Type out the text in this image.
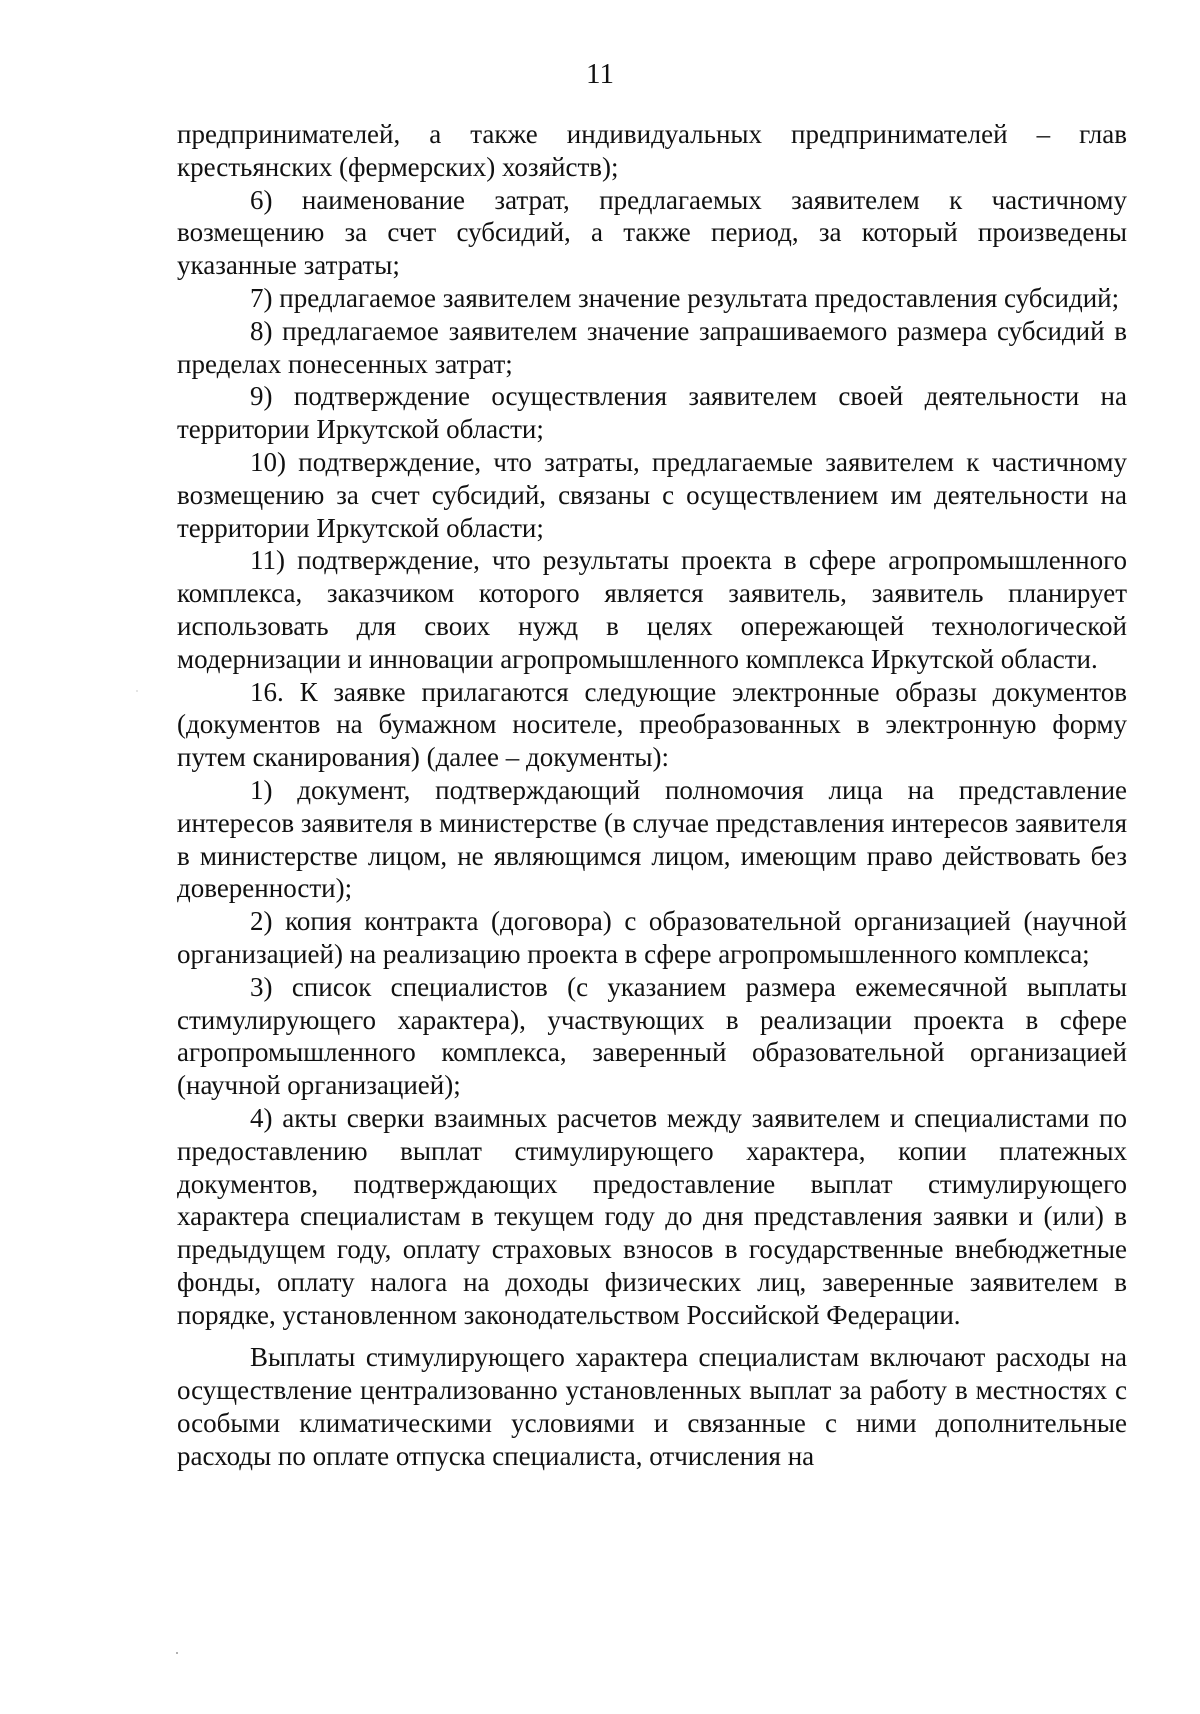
11

предпринимателей, а также индивидуальных предпринимателей – глав крестьянских (фермерских) хозяйств);

6) наименование затрат, предлагаемых заявителем к частичному возмещению за счет субсидий, а также период, за который произведены указанные затраты;

7) предлагаемое заявителем значение результата предоставления субсидий;

8) предлагаемое заявителем значение запрашиваемого размера субсидий в пределах понесенных затрат;

9) подтверждение осуществления заявителем своей деятельности на территории Иркутской области;

10) подтверждение, что затраты, предлагаемые заявителем к частичному возмещению за счет субсидий, связаны с осуществлением им деятельности на территории Иркутской области;

11) подтверждение, что результаты проекта в сфере агропромышленного комплекса, заказчиком которого является заявитель, заявитель планирует использовать для своих нужд в целях опережающей технологической модернизации и инновации агропромышленного комплекса Иркутской области.

16. К заявке прилагаются следующие электронные образы документов (документов на бумажном носителе, преобразованных в электронную форму путем сканирования) (далее – документы):

1) документ, подтверждающий полномочия лица на представление интересов заявителя в министерстве (в случае представления интересов заявителя в министерстве лицом, не являющимся лицом, имеющим право действовать без доверенности);

2) копия контракта (договора) с образовательной организацией (научной организацией) на реализацию проекта в сфере агропромышленного комплекса;

3) список специалистов (с указанием размера ежемесячной выплаты стимулирующего характера), участвующих в реализации проекта в сфере агропромышленного комплекса, заверенный образовательной организацией (научной организацией);

4) акты сверки взаимных расчетов между заявителем и специалистами по предоставлению выплат стимулирующего характера, копии платежных документов, подтверждающих предоставление выплат стимулирующего характера специалистам в текущем году до дня представления заявки и (или) в предыдущем году, оплату страховых взносов в государственные внебюджетные фонды, оплату налога на доходы физических лиц, заверенные заявителем в порядке, установленном законодательством Российской Федерации.

Выплаты стимулирующего характера специалистам включают расходы на осуществление централизованно установленных выплат за работу в местностях с особыми климатическими условиями и связанные с ними дополнительные расходы по оплате отпуска специалиста, отчисления на
